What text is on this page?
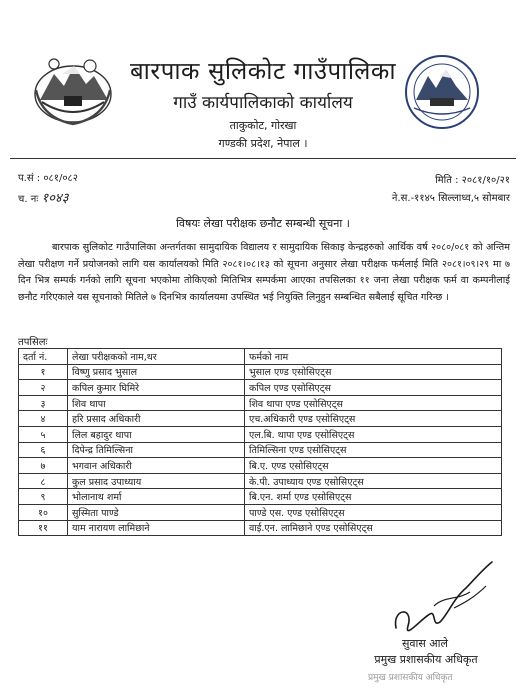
बारपाक सुलिकोट गाउँपालिका
गाउँ कार्यपालिकाको कार्यालय
ताकुकोट, गोरखा
गण्डकी प्रदेश, नेपाल ।
प.सं : ०८१/०८२
च. नः १०४३
मिति : २०८१/१०/२१
ने.स.-११४५ सिल्लाध्व,५ सोमबार
विषयः लेखा परीक्षक छनौट सम्बन्धी सूचना ।
बारपाक सुलिकोट गाउँपालिका अन्तर्गतका सामुदायिक विद्यालय र सामुदायिक सिकाइ केन्द्रहरुको आर्थिक वर्ष २०८०/०८१ को अन्तिम लेखा परीक्षण गर्ने प्रयोजनको लागि यस कार्यालयको मिति २०८१।०८।१३ को सूचना अनुसार लेखा परीक्षक फर्मलाई मिति २०८१।०९।२९ मा ७ दिन भित्र सम्पर्क गर्नको लागि सूचना भएकोमा तोकिएको मितिभित्र सम्पर्कमा आएका तपसिलका ११ जना लेखा परीक्षक फर्म वा कम्पनीलाई छनौट गरिएकाले यस सूचनाको मितिले ७ दिनभित्र कार्यालयमा उपस्थित भई नियुक्ति लिनुहुन सम्बन्धित सबैलाई सूचित गरिन्छ ।
तपसिलः
दर्ता नं.	लेखा परीक्षकको नाम,थर	फर्मको नाम
१	विष्णु प्रसाद भुसाल	भुसाल एण्ड एसोसिएट्स
२	कपिल कुमार घिमिरे	कपिल एण्ड एसोसिएट्स
३	शिव थापा	शिव थापा एण्ड एसोसिएट्स
४	हरि प्रसाद अधिकारी	एच.अधिकारी एण्ड एसोसिएट्स
५	लिल बहादुर थापा	एल.बि. थापा एण्ड एसोसिएट्स
६	दिपेन्द्र तिमिल्सिना	तिमिल्सिना एण्ड एसोसिएट्स
७	भगवान अधिकारी	बि.ए. एण्ड एसोसिएट्स
८	कुल प्रसाद उपाध्याय	के.पी. उपाध्याय एण्ड एसोसिएट्स
९	भोलानाथ शर्मा	बि.एन. शर्मा एण्ड एसोसिएट्स
१०	सुस्मिता पाण्डे	पाण्डे एस. एण्ड एसोसिएट्स
११	याम नारायण लामिछाने	वाई.एन. लामिछाने एण्ड एसोसिएट्स
सुवास आले
प्रमुख प्रशासकीय अधिकृत
प्रमुख प्रशासकीय अधिकृत
